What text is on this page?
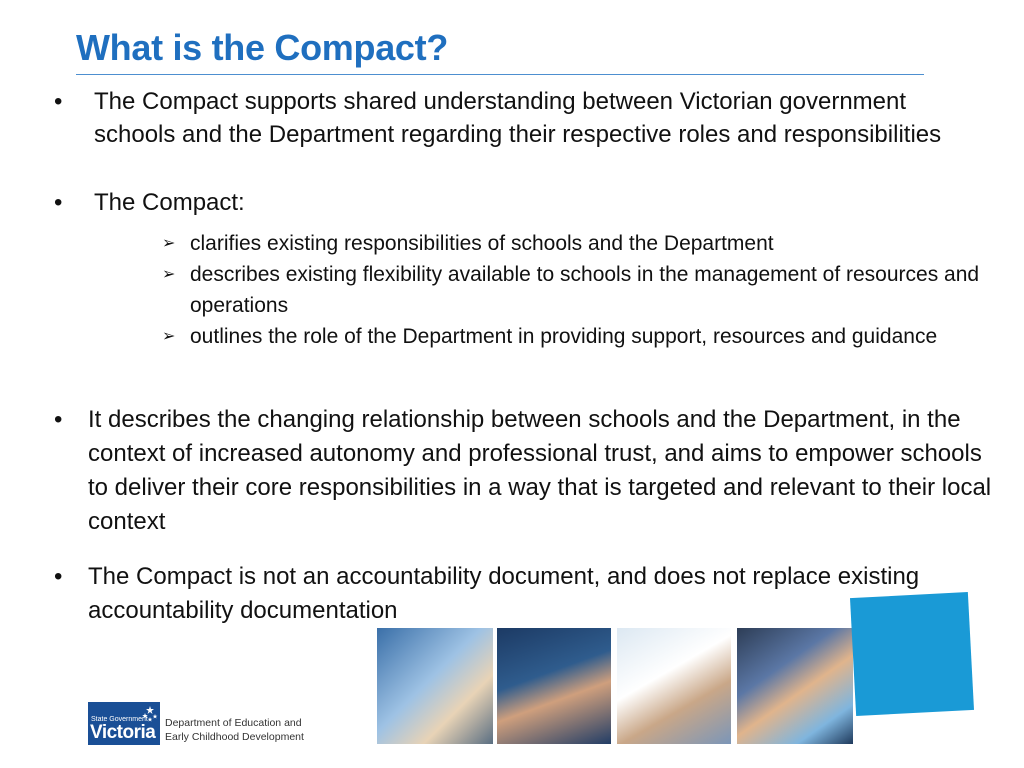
What is the Compact?
•	The Compact supports shared understanding between Victorian government schools and the Department regarding their respective roles and responsibilities
•	The Compact:
➢ clarifies existing responsibilities of schools and the Department
➢ describes existing flexibility available to schools in the management of resources and operations
➢ outlines the role of the Department in providing support, resources and guidance
•	It describes the changing relationship between schools and the Department, in the context of increased autonomy and professional trust, and aims to empower schools to deliver their core responsibilities in a way that is targeted and relevant to their local context
•	The Compact is not an accountability document, and does not replace existing accountability documentation
State Government
Victoria Department of Education and
Early Childhood Development
